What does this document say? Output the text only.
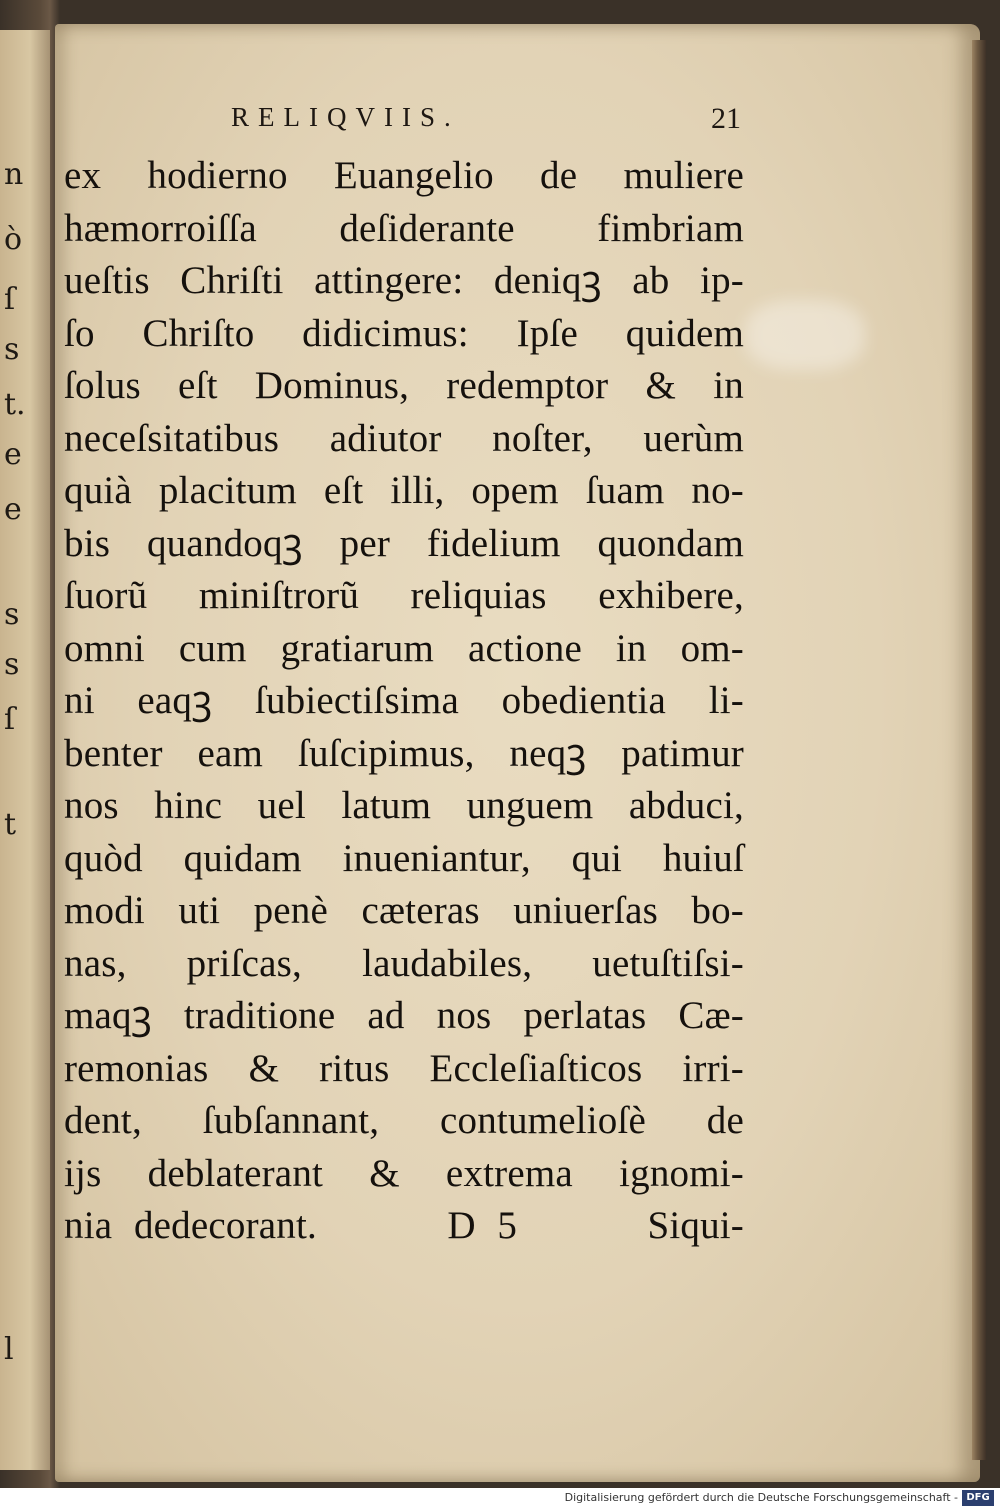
n
ò
ſ
s
t.
e
e
s
s
ſ
t
l
RELIQVIIS.	21
ex hodierno Euangelio de muliere
hæmorroiſſa deſiderante fimbriam
ueſtis Chriſti attingere: deniqꝫ ab ip-
ſo Chriſto didicimus: Ipſe quidem
ſolus eſt Dominus, redemptor & in
neceſsitatibus adiutor noſter, uerùm
quià placitum eſt illi, opem ſuam no-
bis quandoqꝫ per fidelium quondam
ſuorũ miniſtrorũ reliquias exhibere,
omni cum gratiarum actione in om-
ni eaqꝫ ſubiectiſsima obedientia li-
benter eam ſuſcipimus, neqꝫ patimur
nos hinc uel latum unguem abduci,
quòd quidam inueniantur, qui huiuſ
modi uti penè cæteras uniuerſas bo-
nas, priſcas, laudabiles, uetuſtiſsi-
maqꝫ traditione ad nos perlatas Cæ-
remonias & ritus Eccleſiaſticos irri-
dent, ſubſannant, contumelioſè de
ijs deblaterant & extrema ignomi-
nia dedecorant.      D 5      Siqui-
Digitalisierung gefördert durch die Deutsche Forschungsgemeinschaft - DFG
